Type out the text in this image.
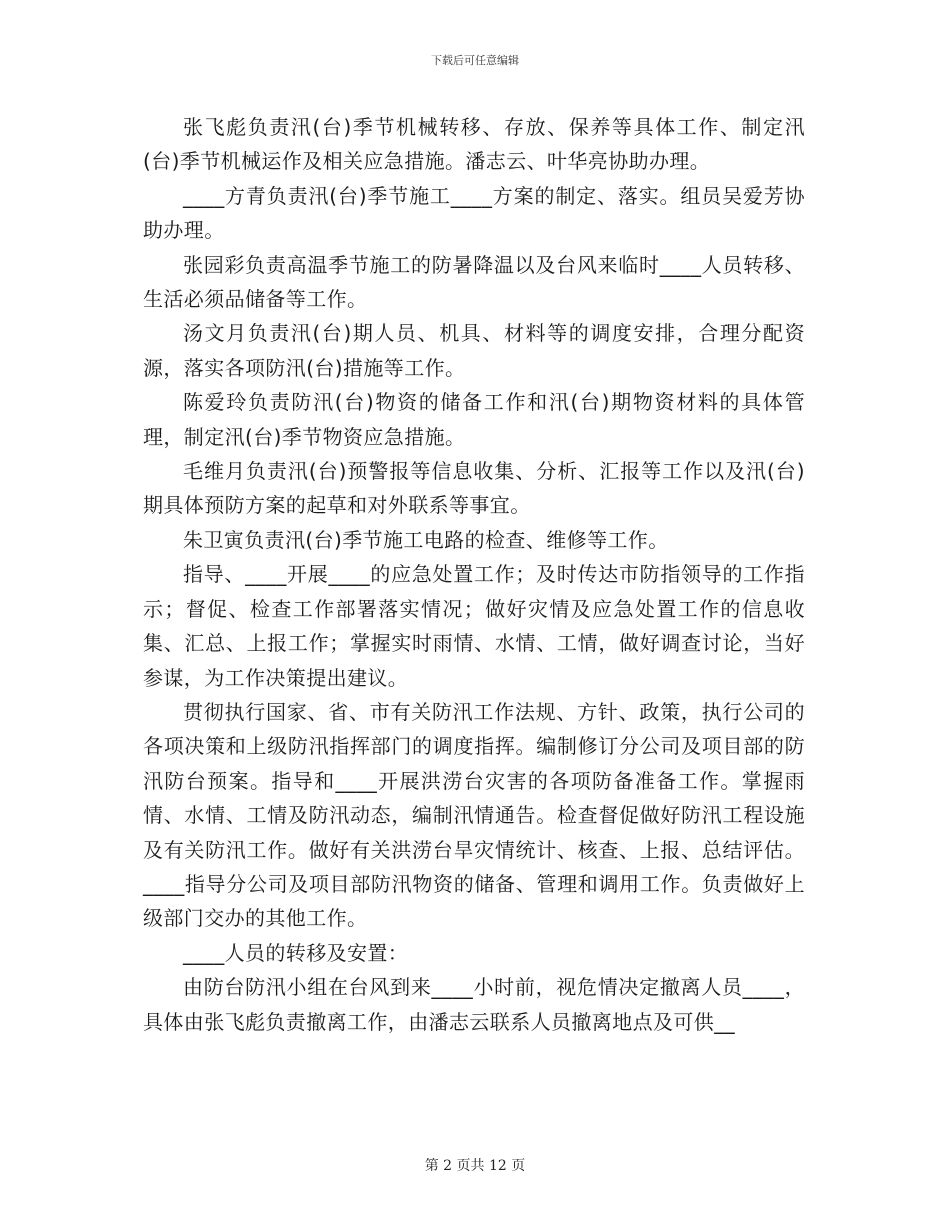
下载后可任意编辑

张飞彪负责汛(台)季节机械转移、存放、保养等具体工作、制定汛(台)季节机械运作及相关应急措施。潘志云、叶华亮协助办理。

____方青负责汛(台)季节施工____方案的制定、落实。组员吴爱芳协助办理。

张园彩负责高温季节施工的防暑降温以及台风来临时____人员转移、生活必须品储备等工作。

汤文月负责汛(台)期人员、机具、材料等的调度安排，合理分配资源，落实各项防汛(台)措施等工作。

陈爱玲负责防汛(台)物资的储备工作和汛(台)期物资材料的具体管理，制定汛(台)季节物资应急措施。

毛维月负责汛(台)预警报等信息收集、分析、汇报等工作以及汛(台)期具体预防方案的起草和对外联系等事宜。

朱卫寅负责汛(台)季节施工电路的检查、维修等工作。

指导、____开展____的应急处置工作；及时传达市防指领导的工作指示；督促、检查工作部署落实情况；做好灾情及应急处置工作的信息收集、汇总、上报工作；掌握实时雨情、水情、工情，做好调查讨论，当好参谋，为工作决策提出建议。

贯彻执行国家、省、市有关防汛工作法规、方针、政策，执行公司的各项决策和上级防汛指挥部门的调度指挥。编制修订分公司及项目部的防汛防台预案。指导和____开展洪涝台灾害的各项防备准备工作。掌握雨情、水情、工情及防汛动态，编制汛情通告。检查督促做好防汛工程设施及有关防汛工作。做好有关洪涝台旱灾情统计、核查、上报、总结评估。____指导分公司及项目部防汛物资的储备、管理和调用工作。负责做好上级部门交办的其他工作。

____人员的转移及安置：

由防台防汛小组在台风到来____小时前，视危情决定撤离人员____，具体由张飞彪负责撤离工作，由潘志云联系人员撤离地点及可供__

第 2 页共 12 页
